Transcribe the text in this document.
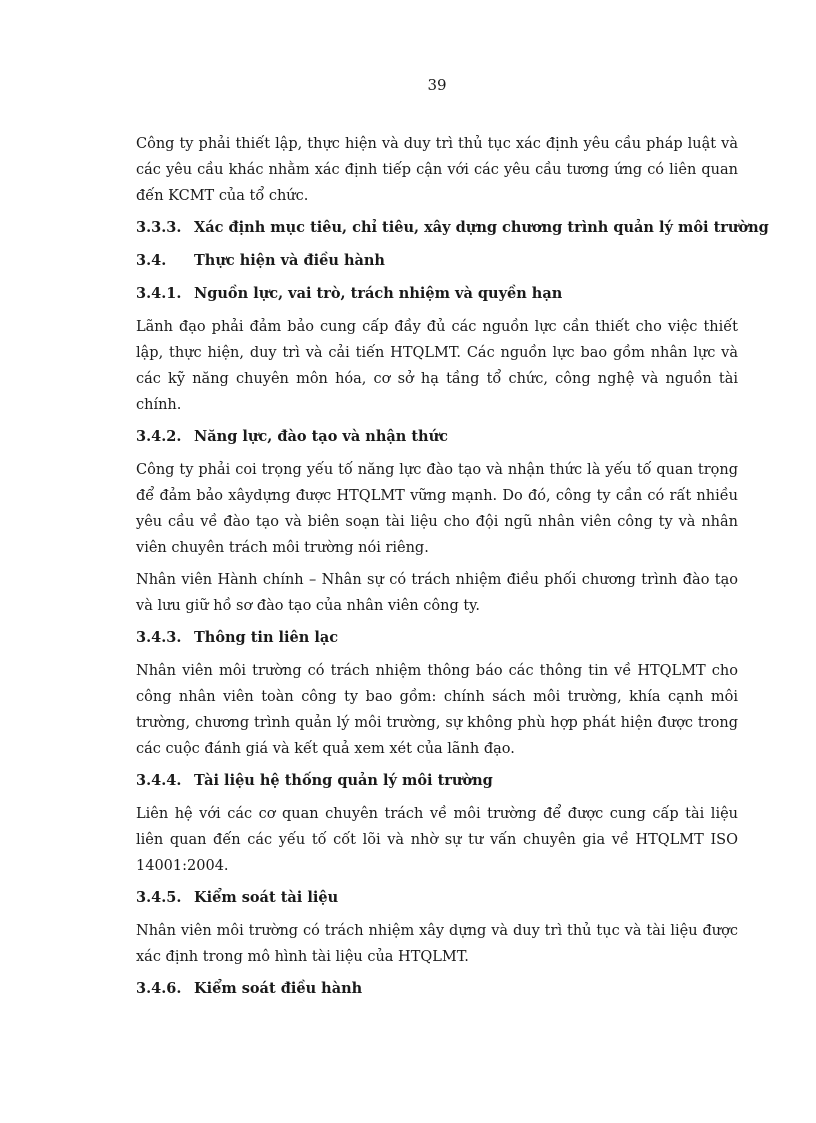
39

Công ty phải thiết lập, thực hiện và duy trì thủ tục xác định yêu cầu pháp luật và các yêu cầu khác nhằm xác định tiếp cận với các yêu cầu tương ứng có liên quan đến KCMT của tổ chức.

3.3.3. Xác định mục tiêu, chỉ tiêu, xây dựng chương trình quản lý môi trường
3.4.	Thực hiện và điều hành
3.4.1. Nguồn lực, vai trò, trách nhiệm và quyền hạn

Lãnh đạo phải đảm bảo cung cấp đầy đủ các nguồn lực cần thiết cho việc thiết lập, thực hiện, duy trì và cải tiến HTQLMT. Các nguồn lực bao gồm nhân lực và các kỹ năng chuyên môn hóa, cơ sở hạ tầng tổ chức, công nghệ và nguồn tài chính.

3.4.2. Năng lực, đào tạo và nhận thức

Công ty phải coi trọng yếu tố năng lực đào tạo và nhận thức là yếu tố quan trọng để đảm bảo xâydựng được HTQLMT vững mạnh. Do đó, công ty cần có rất nhiều yêu cầu về đào tạo và biên soạn tài liệu cho đội ngũ nhân viên công ty và nhân viên chuyên trách môi trường nói riêng.

Nhân viên Hành chính – Nhân sự có trách nhiệm điều phối chương trình đào tạo và lưu giữ hồ sơ đào tạo của nhân viên công ty.

3.4.3. Thông tin liên lạc

Nhân viên môi trường có trách nhiệm thông báo các thông tin về HTQLMT cho công nhân viên toàn công ty bao gồm: chính sách môi trường, khía cạnh môi trường, chương trình quản lý môi trường, sự không phù hợp phát hiện được trong các cuộc đánh giá và kết quả xem xét của lãnh đạo.

3.4.4. Tài liệu hệ thống quản lý môi trường

Liên hệ với các cơ quan chuyên trách về môi trường để được cung cấp tài liệu liên quan đến các yếu tố cốt lõi và nhờ sự tư vấn chuyên gia về HTQLMT ISO 14001:2004.

3.4.5. Kiểm soát tài liệu

Nhân viên môi trường có trách nhiệm xây dựng và duy trì thủ tục và tài liệu được xác định trong mô hình tài liệu của HTQLMT.

3.4.6. Kiểm soát điều hành
